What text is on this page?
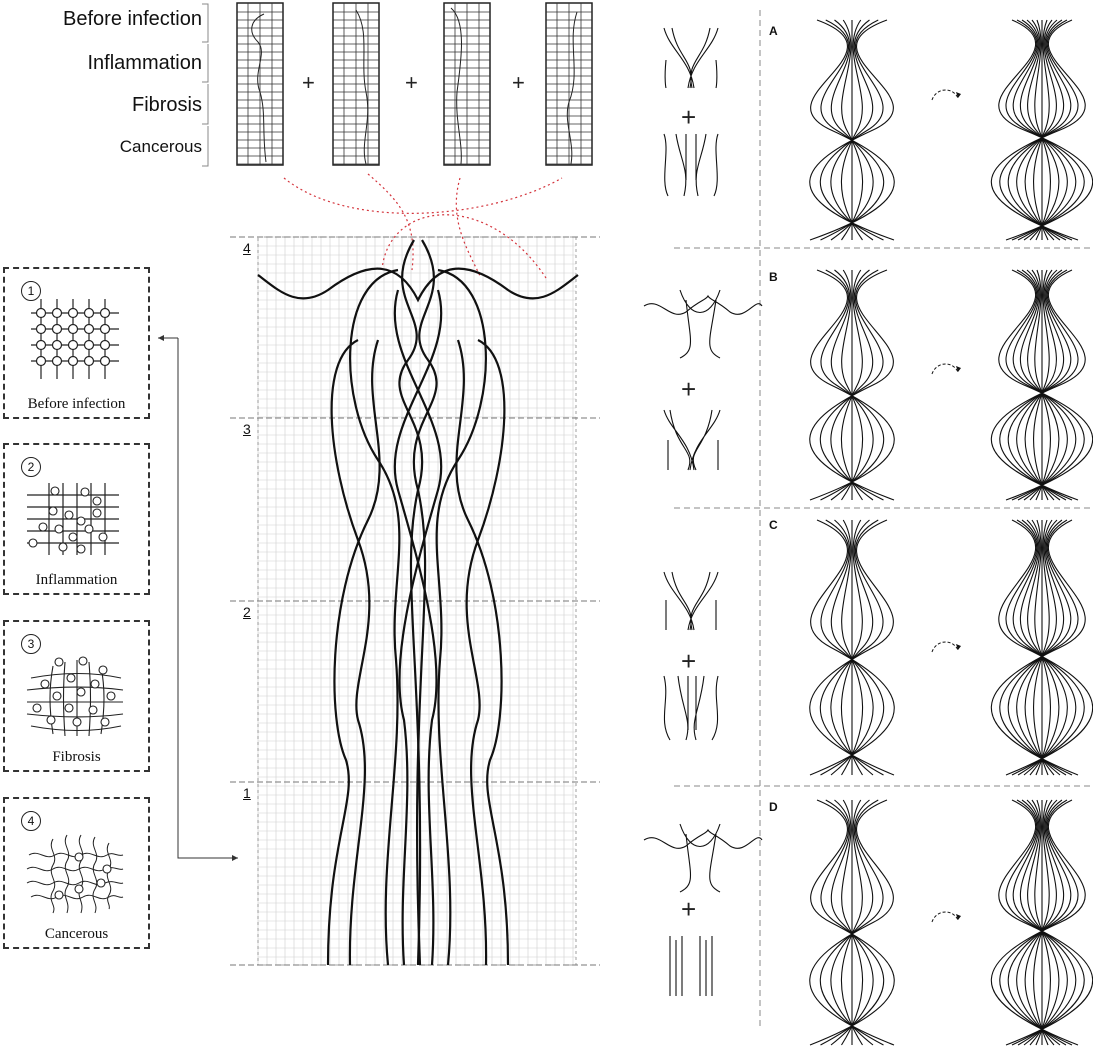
Before infection
Inflammation
Fibrosis
Cancerous
+	+	+
1
Before infection
2
Inflammation
3
Fibrosis
4
Cancerous
4
3
2
1
A
B
C
D
+
+
+
+
